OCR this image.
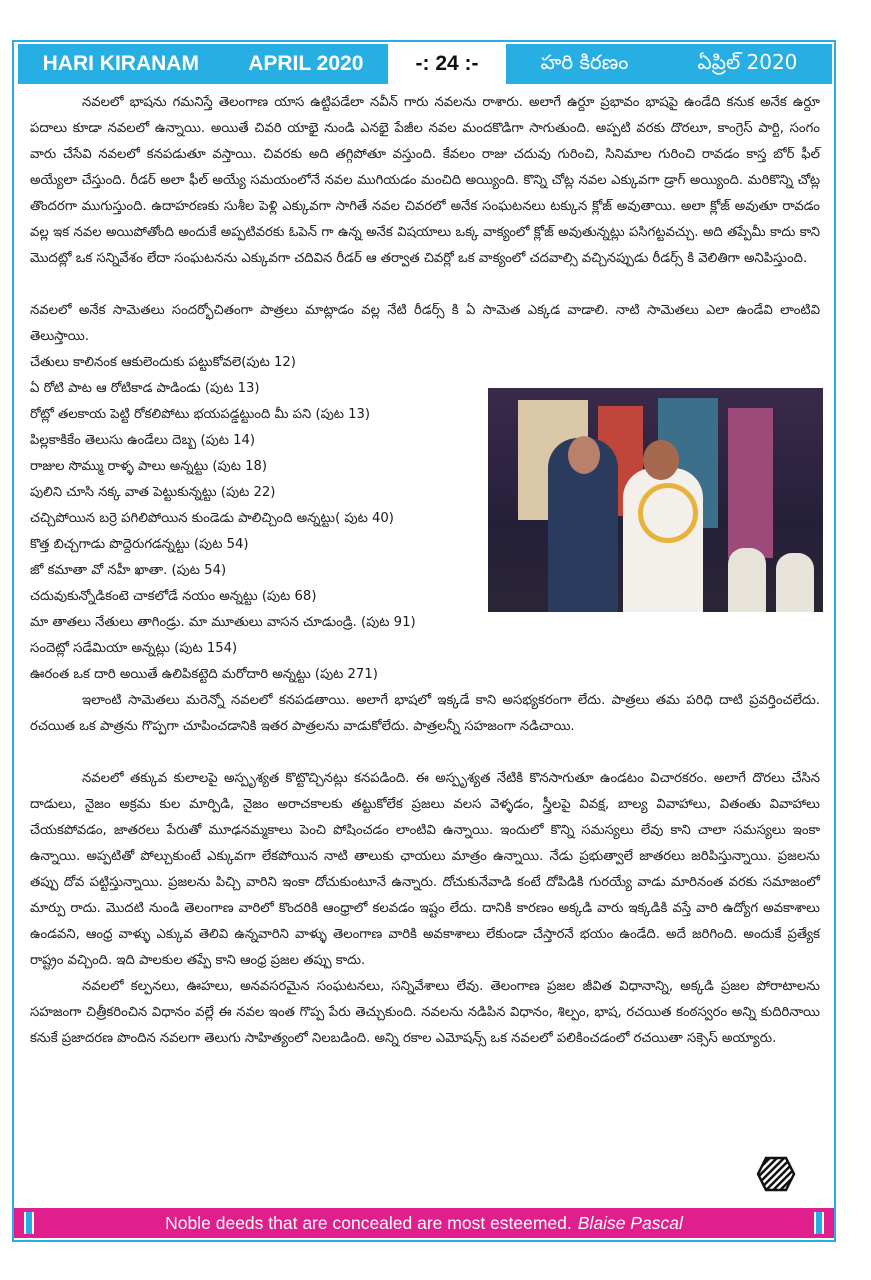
HARI KIRANAM APRIL 2020	-: 24 :-	హరి కిరణం	ఏప్రిల్ 2020

నవలలో భాషను గమనిస్తే తెలంగాణ యాస ఉట్టిపడేలా నవీన్ గారు నవలను రాశారు. అలాగే ఉర్దూ ప్రభావం భాషపై ఉండేది కనుక అనేక ఉర్దూ పదాలు కూడా నవలలో ఉన్నాయి. అయితే చివరి యాభై నుండి ఎనభై పేజీల నవల మందకొడిగా సాగుతుంది. అప్పటి వరకు దొరలూ, కాంగ్రెస్ పార్టి, సంగం వారు చేసేవి నవలలో కనపడుతూ వస్తాయి. చివరకు అది తగ్గిపోతూ వస్తుంది. కేవలం రాజు చదువు గురించి, సినిమాల గురించి రావడం కాస్త బోర్ ఫీల్ అయ్యేలా చేస్తుంది. రీడర్ అలా ఫీల్ అయ్యే సమయంలోనే నవల ముగియడం మంచిది అయ్యింది. కొన్ని చోట్ల నవల ఎక్కువగా డ్రాగ్ అయ్యింది. మరికొన్ని చోట్ల తొందరగా ముగుస్తుంది. ఉదాహరణకు సుశీల పెళ్లి ఎక్కువగా సాగితే నవల చివరలో అనేక సంఘటనలు టక్కున క్లోజ్ అవుతాయి. అలా క్లోజ్ అవుతూ రావడం వల్ల ఇక నవల అయిపోతోంది అందుకే అప్పటివరకు ఓపెన్ గా ఉన్న అనేక విషయాలు ఒక్క వాక్యంలో క్లోజ్ అవుతున్నట్లు పసిగట్టవచ్చు. అది తప్పేమీ కాదు కాని మొదట్లో ఒక సన్నివేశం లేదా సంఘటనను ఎక్కువగా చదివిన రీడర్ ఆ తర్వాత చివర్లో ఒక వాక్యంలో చదవాల్సి వచ్చినప్పుడు రీడర్స్ కి వెలితిగా అనిపిస్తుంది.

నవలలో అనేక సామెతలు సందర్భోచితంగా పాత్రలు మాట్లాడం వల్ల నేటి రీడర్స్ కి ఏ సామెత ఎక్కడ వాడాలి. నాటి సామెతలు ఎలా ఉండేవి లాంటివి తెలుస్తాయి.

చేతులు కాలినంక ఆకులెందుకు పట్టుకోవలె(పుట 12)
ఏ రోటి పాట ఆ రోటికాడ పాడిండు (పుట 13)
రోట్లో తలకాయ పెట్టి రోకలిపోటు భయపడ్డట్టుంది మీ పని (పుట 13)
పిల్లకాకికేం తెలుసు ఉండేలు దెబ్బ (పుట 14)
రాజుల సొమ్ము రాళ్ళ పాలు అన్నట్టు (పుట 18)
పులిని చూసి నక్క వాత పెట్టుకున్నట్టు (పుట 22)
చచ్చిపోయిన బర్రె పగిలిపోయిన కుండెడు పాలిచ్చింది అన్నట్టు( పుట 40)
కొత్త బిచ్చగాడు పొద్దెరుగడన్నట్టు (పుట 54)
జో కమాతా వో నహీ ఖాతా. (పుట 54)
చదువుకున్నోడికంటె చాకలోడే నయం అన్నట్టు (పుట 68)
మా తాతలు నేతులు తాగిండ్రు. మా మూతులు వాసన చూడుండ్రి. (పుట 91)
సందెట్లో సడేమియా అన్నట్లు (పుట 154)
ఊరంత ఒక దారి అయితే ఉలిపికట్టెది మరోదారి అన్నట్టు (పుట 271)

ఇలాంటి సామెతలు మరెన్నో నవలలో కనపడతాయి. అలాగే భాషలో ఇక్కడే కాని అసభ్యకరంగా లేదు. పాత్రలు తమ పరిధి దాటి ప్రవర్తించలేదు. రచయిత ఒక పాత్రను గొప్పగా చూపించడానికి ఇతర పాత్రలను వాడుకోలేదు. పాత్రలన్నీ సహజంగా నడిచాయి.

నవలలో తక్కువ కులాలపై అస్పృశ్యత కొట్టొచ్చినట్లు కనపడింది. ఈ అస్పృశ్యత నేటికి కొనసాగుతూ ఉండటం విచారకరం. అలాగే దొరలు చేసిన దాడులు, నైజం అక్రమ కుల మార్పిడి, నైజం అరాచకాలకు తట్టుకోలేక ప్రజలు వలస వెళ్ళడం, స్త్రీలపై వివక్ష, బాల్య వివాహాలు, వితంతు వివాహాలు చేయకపోవడం, జాతరలు పేరుతో మూఢనమ్మకాలు పెంచి పోషించడం లాంటివి ఉన్నాయి. ఇందులో కొన్ని సమస్యలు లేవు కాని చాలా సమస్యలు ఇంకా ఉన్నాయి. అప్పటితో పోల్చుకుంటే ఎక్కువగా లేకపోయిన నాటి తాలుకు ఛాయలు మాత్రం ఉన్నాయి. నేడు ప్రభుత్వాలే జాతరలు జరిపిస్తున్నాయి. ప్రజలను తప్పు దోవ పట్టిస్తున్నాయి. ప్రజలను పిచ్చి వారిని ఇంకా దోచుకుంటూనే ఉన్నారు. దోచుకునేవాడి కంటే దోపిడికి గురయ్యే వాడు మారినంత వరకు సమాజంలో మార్పు రాదు. మొదటి నుండి తెలంగాణ వారిలో కొందరికి ఆంధ్రాలో కలవడం ఇష్టం లేదు. దానికి కారణం అక్కడి వారు ఇక్కడికి వస్తే వారి ఉద్యోగ అవకాశాలు ఉండవని, ఆంధ్ర వాళ్ళు ఎక్కువ తెలివి ఉన్నవారిని వాళ్ళు తెలంగాణ వారికి అవకాశాలు లేకుండా చేస్తారనే భయం ఉండేది. అదే జరిగింది. అందుకే ప్రత్యేక రాష్ట్రం వచ్చింది. ఇది పాలకుల తప్పే కాని ఆంధ్ర ప్రజల తప్పు కాదు.

నవలలో కల్పనలు, ఊహలు, అనవసరమైన సంఘటనలు, సన్నివేశాలు లేవు. తెలంగాణ ప్రజల జీవిత విధానాన్ని, అక్కడి ప్రజల పోరాటాలను సహజంగా చిత్రీకరించిన విధానం వల్లే ఈ నవల ఇంత గొప్ప పేరు తెచ్చుకుంది. నవలను నడిపిన విధానం, శిల్పం, భాష, రచయిత కంఠస్వరం అన్ని కుదిరినాయి కనుకే ప్రజాదరణ పొందిన నవలగా తెలుగు సాహిత్యంలో నిలబడింది. అన్ని రకాల ఎమోషన్స్ ఒక నవలలో పలికించడంలో రచయితా సక్సెస్ అయ్యారు.

Noble deeds that are concealed are most esteemed. Blaise Pascal
